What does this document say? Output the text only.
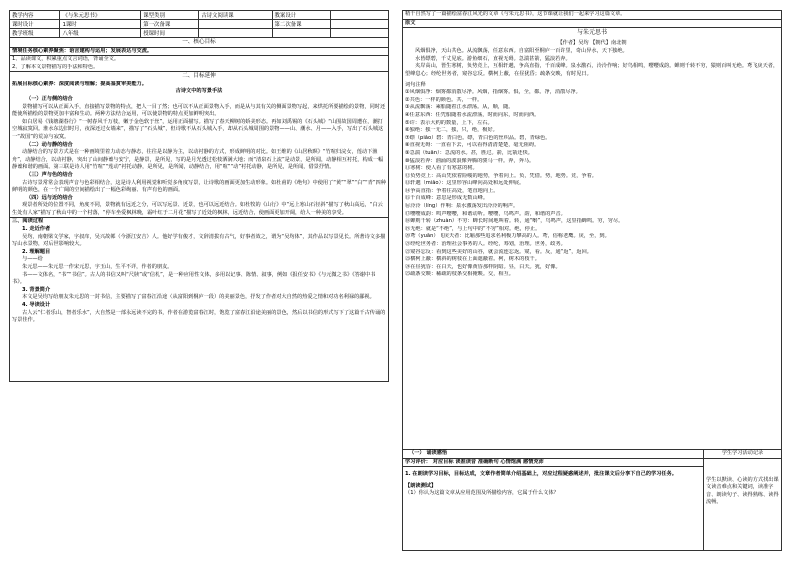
教学内容	《与朱元思书》	课型类别	古诗文阅读课	教案设计	
课时设计	1课时	第一次备课		第二次备课	
教学班级	八年级	授课时间			
一、核心目标
情境任务核心素养聚焦：语言建构与运用；发展表达与交流。
1、品读课文，积累重点文言词语，背诵全文。
2、了解本文景物描写的手法和特色。
二、目标延伸
拓展目标核心素养：深度阅读与理解；提高鉴赏审美能力。
古诗文中的写景手法
（一）正与侧的结合

景物描写可以从正面入手，直接描写景物的特点，把人一目了然；也可以不从正面景物入手，而是从与其有关的侧面景物写起，来烘托所要描绘的景物，同时还能使所描绘的景物更加丰富和生动。两种方法结合运用，可以使景物的特点更加鲜明突出。

如白居易《钱塘湖春行》“一树春风千万枝，嫩于金色软于丝”，运用正面描写。描写了春天柳树的娇美形态。再如刘禹锡的《石头城》“山围故国周遭在，潮打空城寂寞回。淮水东边旧时月，夜深还过女墙来”，描写了“石头城”，但诗歌不从石头城入手，却从石头城周围的景物——山、潮水、月——入手，写出了石头城这一“故国”的荒凉与寂寞。

（二）动与静的结合

动静结合的写景方式是在一种画境里着力动态与静态，往往是以静为主，以动衬静的方式，形成鲜明的对比。如王维的《山居秋暝》“竹喧归浣女，莲动下渔舟”，动静结合，以动衬静，突出了山间静谧与安宁，是静景，是所见，写的是月光透过松枝洒满大地；而“清泉石上流”是动景，是所闻，动静相互衬托，构成一幅静谧和谐的画面。第三联是诗人用“竹喧”“莲动”衬托动静，是所见，是所闻，动静结合，用“喧”“动”衬托动静，是所见，是所闻，借景抒情。

（三）声与色的结合

古诗写景常常会表现声音与色彩相结合，这是诗人利用视觉和听觉多角度写景，让诗歌的画面更加生动形象。如杜甫的《绝句》中使用了“黄”“翠”“白”“青”四种鲜明的颜色，在一个广阔的空间描绘出了一幅色彩绚丽、有声有色的画面。

（四）远与近的结合

观景者所处的位置不同，角度不同，景物就有远近之分，可以写远景、近景，也可以远近结合。如杜牧的《山行》中“远上寒山石径斜”描写了秋山高远，“白云生处有人家”描写了秋山中的一个村落，“停车坐爱枫林晚，霜叶红于二月花”描写了近处的枫林，远近结合，使画面更加开阔，给人一种美的享受。

三、阅读过程
1. 走近作者

吴均，南朝梁文学家，字叔庠，吴兴故鄣（今浙江安吉）人。他好学有俊才，文辞清拔有古气，好事者效之，谓为“吴均体”，其作品以写景见长。所著诗文多描写山水景物，对后世影响较大。

2. 理解题目

与——给

朱元思——朱元思一作宋元思，字玉山，生平不详，作者的朋友。

书——文体名，“书”“书信”。古人的书信又叫“尺牍”或“信札”，是一种应用性文体，多用以记事、陈情、叙事，例如《报任安书》《与元微之书》《答谢中书书》。

3. 背景简介

本文是吴均写给朋友朱元思的一封书信，主要描写了富春江沿途（从富阳到桐庐一段）的美丽景色，抒发了作者对大自然的热爱之情和对功名利禄的鄙视。

4. 导读设计

古人云“仁者乐山，智者乐水”，大自然是一部永远读不完的书，作者在游览富春江时，饱览了富春江沿途美丽的景色，然后以书信的形式写下了这篇千古传诵的写景佳作。

精干自然写了一篇描绘富春江风光的文章《与朱元思书》，这节课就让我们一起来学习这篇文章。
原文
与朱元思书
【作者】吴均 【朝代】南北朝

风烟俱净，天山共色。从流飘荡，任意东西。自富阳至桐庐一百许里，奇山异水，天下独绝。

水皆缥碧，千丈见底。游鱼细石，直视无碍。急湍甚箭，猛浪若奔。

夹岸高山，皆生寒树，负势竞上，互相轩邈，争高直指，千百成峰。泉水激石，泠泠作响；好鸟相鸣，嘤嘤成韵。蝉则千转不穷，猿则百叫无绝。鸢飞戾天者，望峰息心；经纶世务者，窥谷忘反。横柯上蔽，在昼犹昏；疏条交映，有时见日。

词句注释
①风烟俱净：烟雾都消散尽净。风烟，指烟雾。俱，全，都。净，消散尽净。
②共色：一样的颜色。共，一样。
③从流飘荡：乘船随着江水漂荡。从，顺，随。
④任意东西：任凭船随着水流漂荡，时而向东，时而向西。
⑤许：表示大约的数量，上下，左右。
⑥独绝：独一无二，独，只，绝，极好。
⑦缥（piǎo）碧：青白色。缥，青白色的丝织品。碧，青绿色。
⑧直视无碍：一直看下去，可以看得清清楚楚，毫无阻碍。
⑨急湍（tuān）：急流的水。甚，胜过。箭，比箭还快。
⑩猛浪若奔：汹涌的波浪像奔腾的骏马一样。奔，奔马。
⑪寒树：使人看了有寒意的树。
⑫负势竞上：高山凭依着险峻的地势，争着向上。负，凭借。势，地势。竞，争着。
⑬轩邈（miǎo）：这里形容山峰向高处和远处伸展。
⑭争高直指：争着往高处，笔直地向上。
⑮千百成峰：意思是形成无数山峰。
⑯泠泠（líng）作响：泉水激荡发出泠泠的响声。
⑰嘤嘤成韵：鸣声嘤嘤，和谐动听。嘤嘤，鸟鸣声。韵，和谐的声音。
⑱蝉则千转（zhuàn）不穷：蝉长时间地叫着。转，通“啭”，鸟鸣声，这里指蝉鸣。穷，穷尽。
⑲无绝：就是“不绝”，与上句中的“不穷”相对。绝，停止。
⑳鸢（yuān）飞戾天者：比喻那些追求名利极力攀高的人。鸢，俗称老鹰。戾，至，到。
㉑经纶世务者：治理社会事务的人。经纶，筹划，治理。世务，政务。
㉒窥谷忘反：看到这些美好的山谷，就会流连忘返。窥，看。反，通“返”，返回。
㉓横柯上蔽：横斜的树枝在上面遮蔽着。柯，树木的枝干。
㉔在昼犹昏：在白天，也好像黄昏那样阴暗。昼，白天。犹，好像。
㉕疏条交映：稀疏的枝条交相掩映。交，相互。
（一） 诵读感悟
学习评价： 对应目标 读准读音 准确断句 心情饱满 感情充沛

1. 在朗读学习目标，目标达成，文章作者简单介绍基础上，对应过程疑惑阐述并，批注课文后分享下自己的学习任务。

【朗读测试】
（1）你认为这篇文章从应用范围及所描绘内容，它属于什么文体？
学生学习活动记录
学生以默读、心读的方式找出课文读音难点和关键词，读准字音、朗读句子、读得熟练、读得流畅。
